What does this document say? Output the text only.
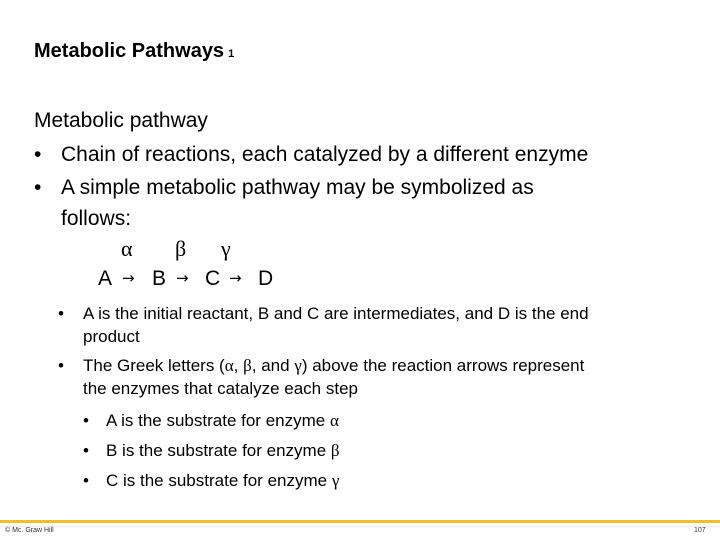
Metabolic Pathways 1
Metabolic pathway
• Chain of reactions, each catalyzed by a different enzyme
• A simple metabolic pathway may be symbolized as
follows:
α β γ
A → B → C → D
• A is the initial reactant, B and C are intermediates, and D is the end
product
• The Greek letters (α, β, and γ) above the reaction arrows represent
the enzymes that catalyze each step
• A is the substrate for enzyme α
• B is the substrate for enzyme β
• C is the substrate for enzyme γ
© Mc. Graw Hill	107
